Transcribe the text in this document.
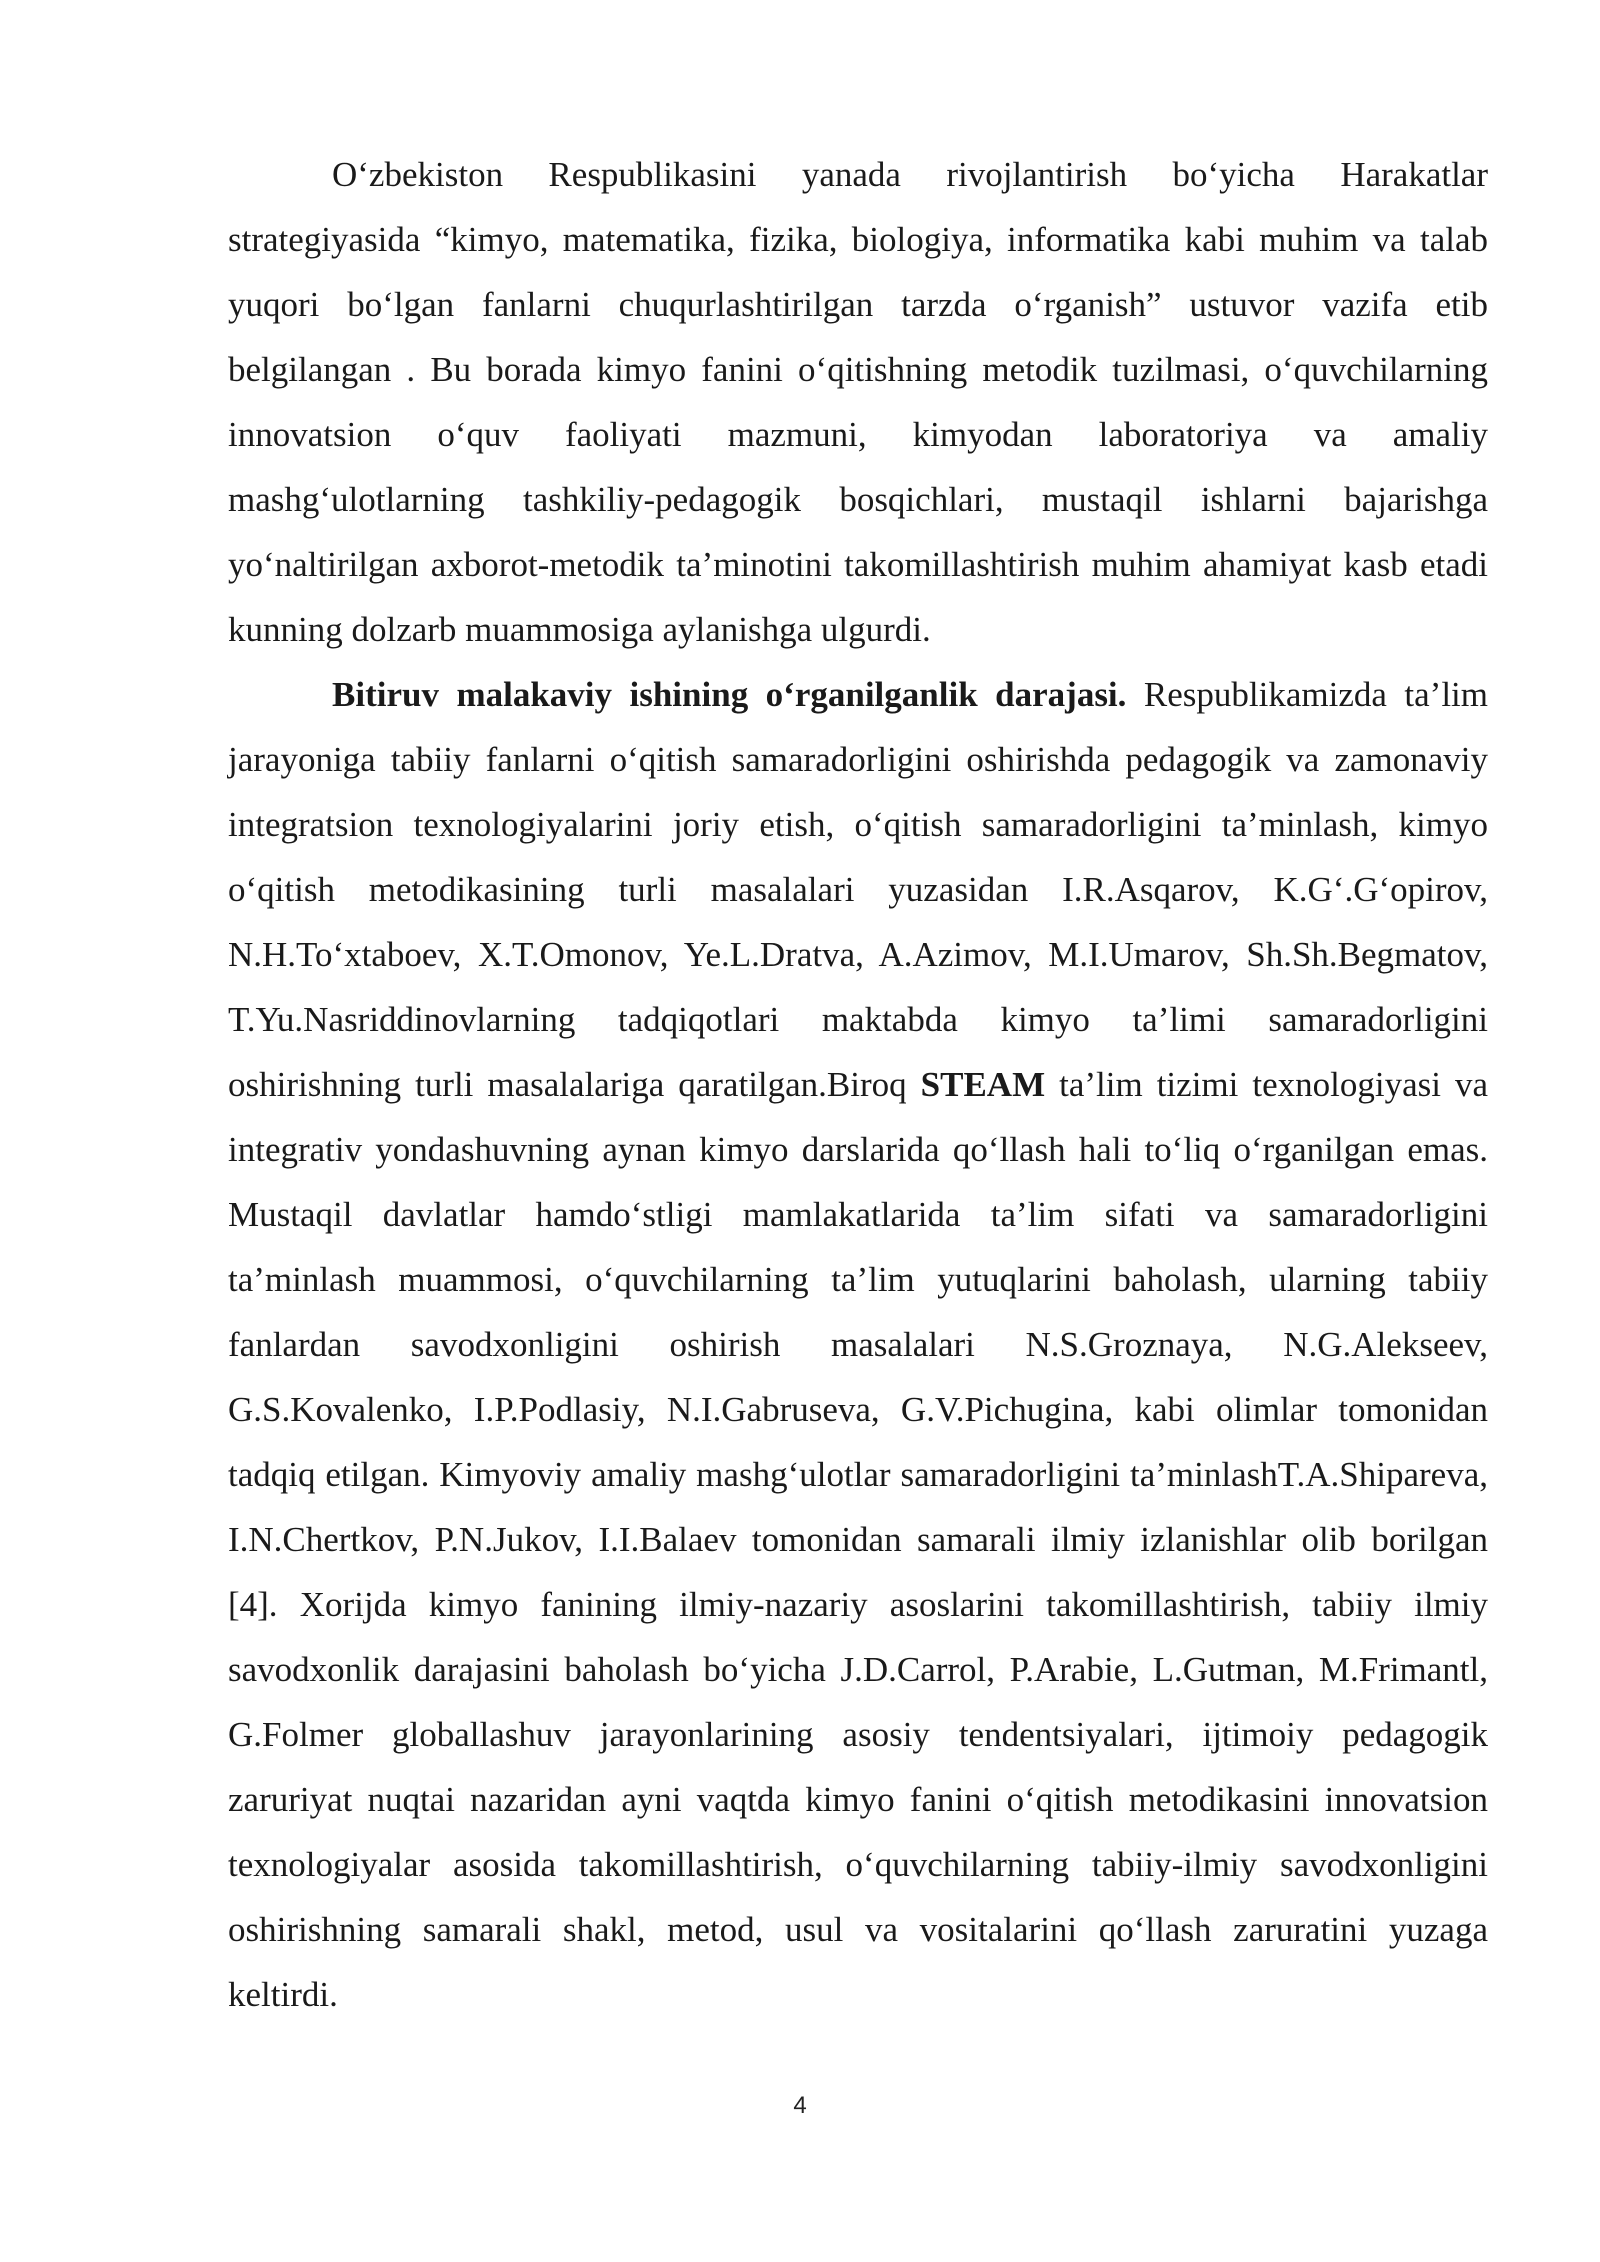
O‘zbekiston Respublikasini yanada rivojlantirish bo‘yicha Harakatlar strategiyasida “kimyo, matematika, fizika, biologiya, informatika kabi muhim va talab yuqori bo‘lgan fanlarni chuqurlashtirilgan tarzda o‘rganish” ustuvor vazifa etib belgilangan . Bu borada kimyo fanini o‘qitishning metodik tuzilmasi, o‘quvchilarning innovatsion o‘quv faoliyati mazmuni, kimyodan laboratoriya va amaliy mashg‘ulotlarning tashkiliy-pedagogik bosqichlari, mustaqil ishlarni bajarishga yo‘naltirilgan axborot-metodik ta’minotini takomillashtirish muhim ahamiyat kasb etadi kunning dolzarb muammosiga aylanishga ulgurdi.

Bitiruv malakaviy ishining o‘rganilganlik darajasi. Respublikamizda ta’lim jarayoniga tabiiy fanlarni o‘qitish samaradorligini oshirishda pedagogik va zamonaviy integratsion texnologiyalarini joriy etish, o‘qitish samaradorligini ta’minlash, kimyo o‘qitish metodikasining turli masalalari yuzasidan I.R.Asqarov, K.G‘.G‘opirov, N.H.To‘xtaboev, X.T.Omonov, Ye.L.Dratva, A.Azimov, M.I.Umarov, Sh.Sh.Begmatov, T.Yu.Nasriddinovlarning tadqiqotlari maktabda kimyo ta’limi samaradorligini oshirishning turli masalalariga qaratilgan.Biroq STEAM ta’lim tizimi texnologiyasi va integrativ yondashuvning aynan kimyo darslarida qo‘llash hali to‘liq o‘rganilgan emas. Mustaqil davlatlar hamdo‘stligi mamlakatlarida ta’lim sifati va samaradorligini ta’minlash muammosi, o‘quvchilarning ta’lim yutuqlarini baholash, ularning tabiiy fanlardan savodxonligini oshirish masalalari N.S.Groznaya, N.G.Alekseev, G.S.Kovalenko, I.P.Podlasiy, N.I.Gabruseva, G.V.Pichugina, kabi olimlar tomonidan tadqiq etilgan. Kimyoviy amaliy mashg‘ulotlar samaradorligini ta’minlashT.A.Shipareva, I.N.Chertkov, P.N.Jukov, I.I.Balaev tomonidan samarali ilmiy izlanishlar olib borilgan [4]. Xorijda kimyo fanining ilmiy-nazariy asoslarini takomillashtirish, tabiiy ilmiy savodxonlik darajasini baholash bo‘yicha J.D.Carrol, P.Arabie, L.Gutman, M.Frimantl, G.Folmer globallashuv jarayonlarining asosiy tendentsiyalari, ijtimoiy pedagogik zaruriyat nuqtai nazaridan ayni vaqtda kimyo fanini o‘qitish metodikasini innovatsion texnologiyalar asosida takomillashtirish, o‘quvchilarning tabiiy-ilmiy savodxonligini oshirishning samarali shakl, metod, usul va vositalarini qo‘llash zaruratini yuzaga keltirdi.

4
